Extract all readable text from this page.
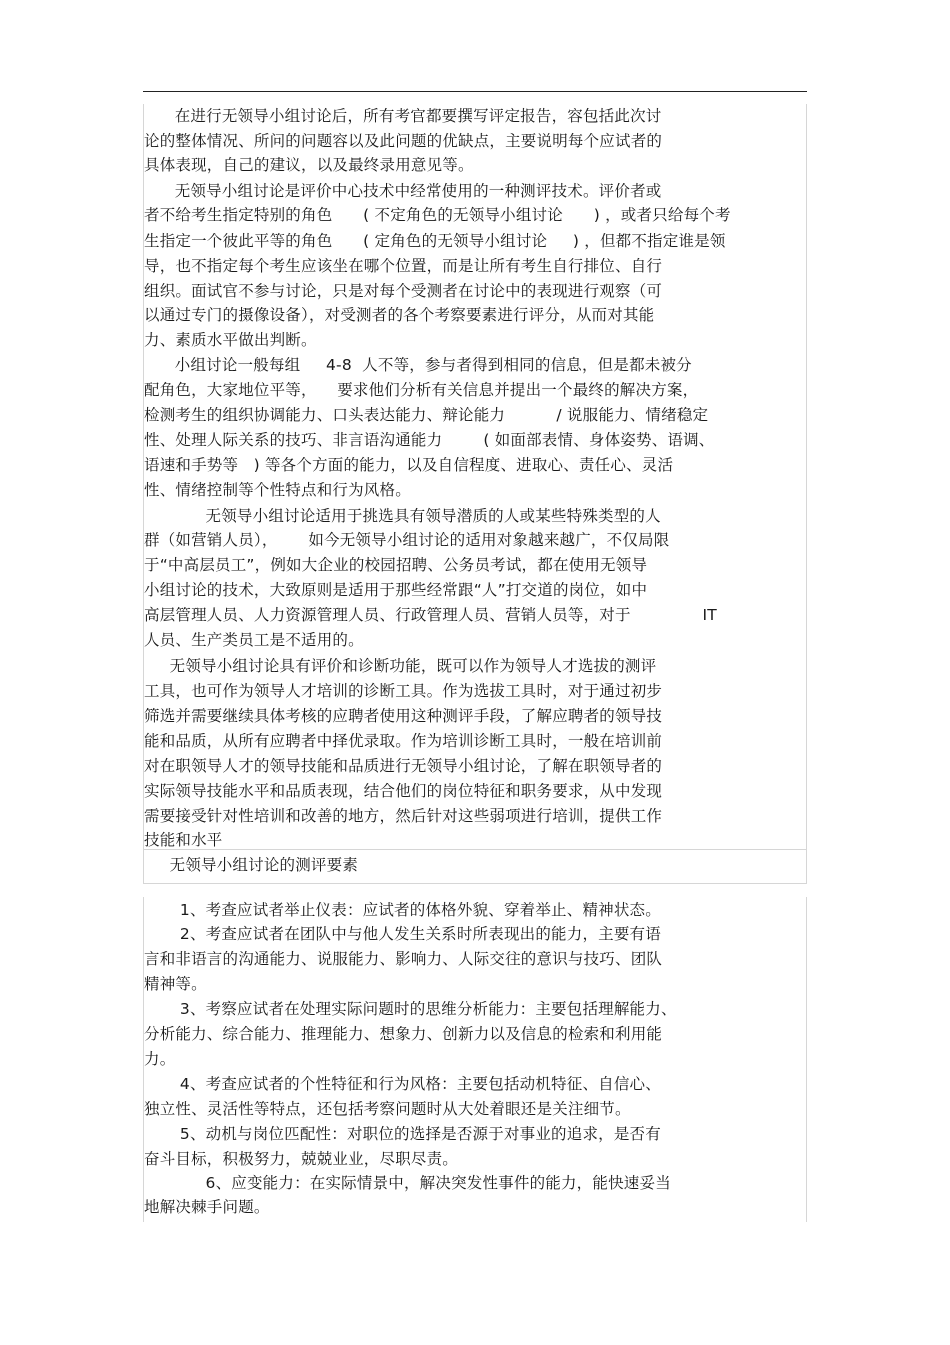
在进行无领导小组讨论后，所有考官都要撰写评定报告，容包括此次讨
论的整体情况、所问的问题容以及此问题的优缺点，主要说明每个应试者的
具体表现，自己的建议，以及最终录用意见等。
无领导小组讨论是评价中心技术中经常使用的一种测评技术。评价者或
者不给考生指定特别的角色      ( 不定角色的无领导小组讨论      ) ，或者只给每个考
生指定一个彼此平等的角色      ( 定角色的无领导小组讨论     ) ，但都不指定谁是领
导，也不指定每个考生应该坐在哪个位置，而是让所有考生自行排位、自行
组织。面试官不参与讨论，只是对每个受测者在讨论中的表现进行观察（可
以通过专门的摄像设备），对受测者的各个考察要素进行评分，从而对其能
力、素质水平做出判断。
小组讨论一般每组     4-8  人不等，参与者得到相同的信息，但是都未被分
配角色，大家地位平等，    要求他们分析有关信息并提出一个最终的解决方案，
检测考生的组织协调能力、口头表达能力、辩论能力          / 说服能力、情绪稳定
性、处理人际关系的技巧、非言语沟通能力        ( 如面部表情、身体姿势、语调、
语速和手势等   ) 等各个方面的能力，以及自信程度、进取心、责任心、灵活
性、情绪控制等个性特点和行为风格。
无领导小组讨论适用于挑选具有领导潜质的人或某些特殊类型的人
群（如营销人员），      如今无领导小组讨论的适用对象越来越广，不仅局限
于“中高层员工”，例如大企业的校园招聘、公务员考试，都在使用无领导
小组讨论的技术，大致原则是适用于那些经常跟“人”打交道的岗位，如中
高层管理人员、人力资源管理人员、行政管理人员、营销人员等，对于              IT
人员、生产类员工是不适用的。
无领导小组讨论具有评价和诊断功能，既可以作为领导人才选拔的测评
工具，也可作为领导人才培训的诊断工具。作为选拔工具时，对于通过初步
筛选并需要继续具体考核的应聘者使用这种测评手段，了解应聘者的领导技
能和品质，从所有应聘者中择优录取。作为培训诊断工具时，一般在培训前
对在职领导人才的领导技能和品质进行无领导小组讨论，了解在职领导者的
实际领导技能水平和品质表现，结合他们的岗位特征和职务要求，从中发现
需要接受针对性培训和改善的地方，然后针对这些弱项进行培训，提供工作
技能和水平
无领导小组讨论的测评要素
1、考查应试者举止仪表：应试者的体格外貌、穿着举止、精神状态。
2、考查应试者在团队中与他人发生关系时所表现出的能力，主要有语
言和非语言的沟通能力、说服能力、影响力、人际交往的意识与技巧、团队
精神等。
3、考察应试者在处理实际问题时的思维分析能力：主要包括理解能力、
分析能力、综合能力、推理能力、想象力、创新力以及信息的检索和利用能
力。
4、考查应试者的个性特征和行为风格：主要包括动机特征、自信心、
独立性、灵活性等特点，还包括考察问题时从大处着眼还是关注细节。
5、动机与岗位匹配性：对职位的选择是否源于对事业的追求，是否有
奋斗目标，积极努力，兢兢业业，尽职尽责。
6、应变能力：在实际情景中，解决突发性事件的能力，能快速妥当
地解决棘手问题。
